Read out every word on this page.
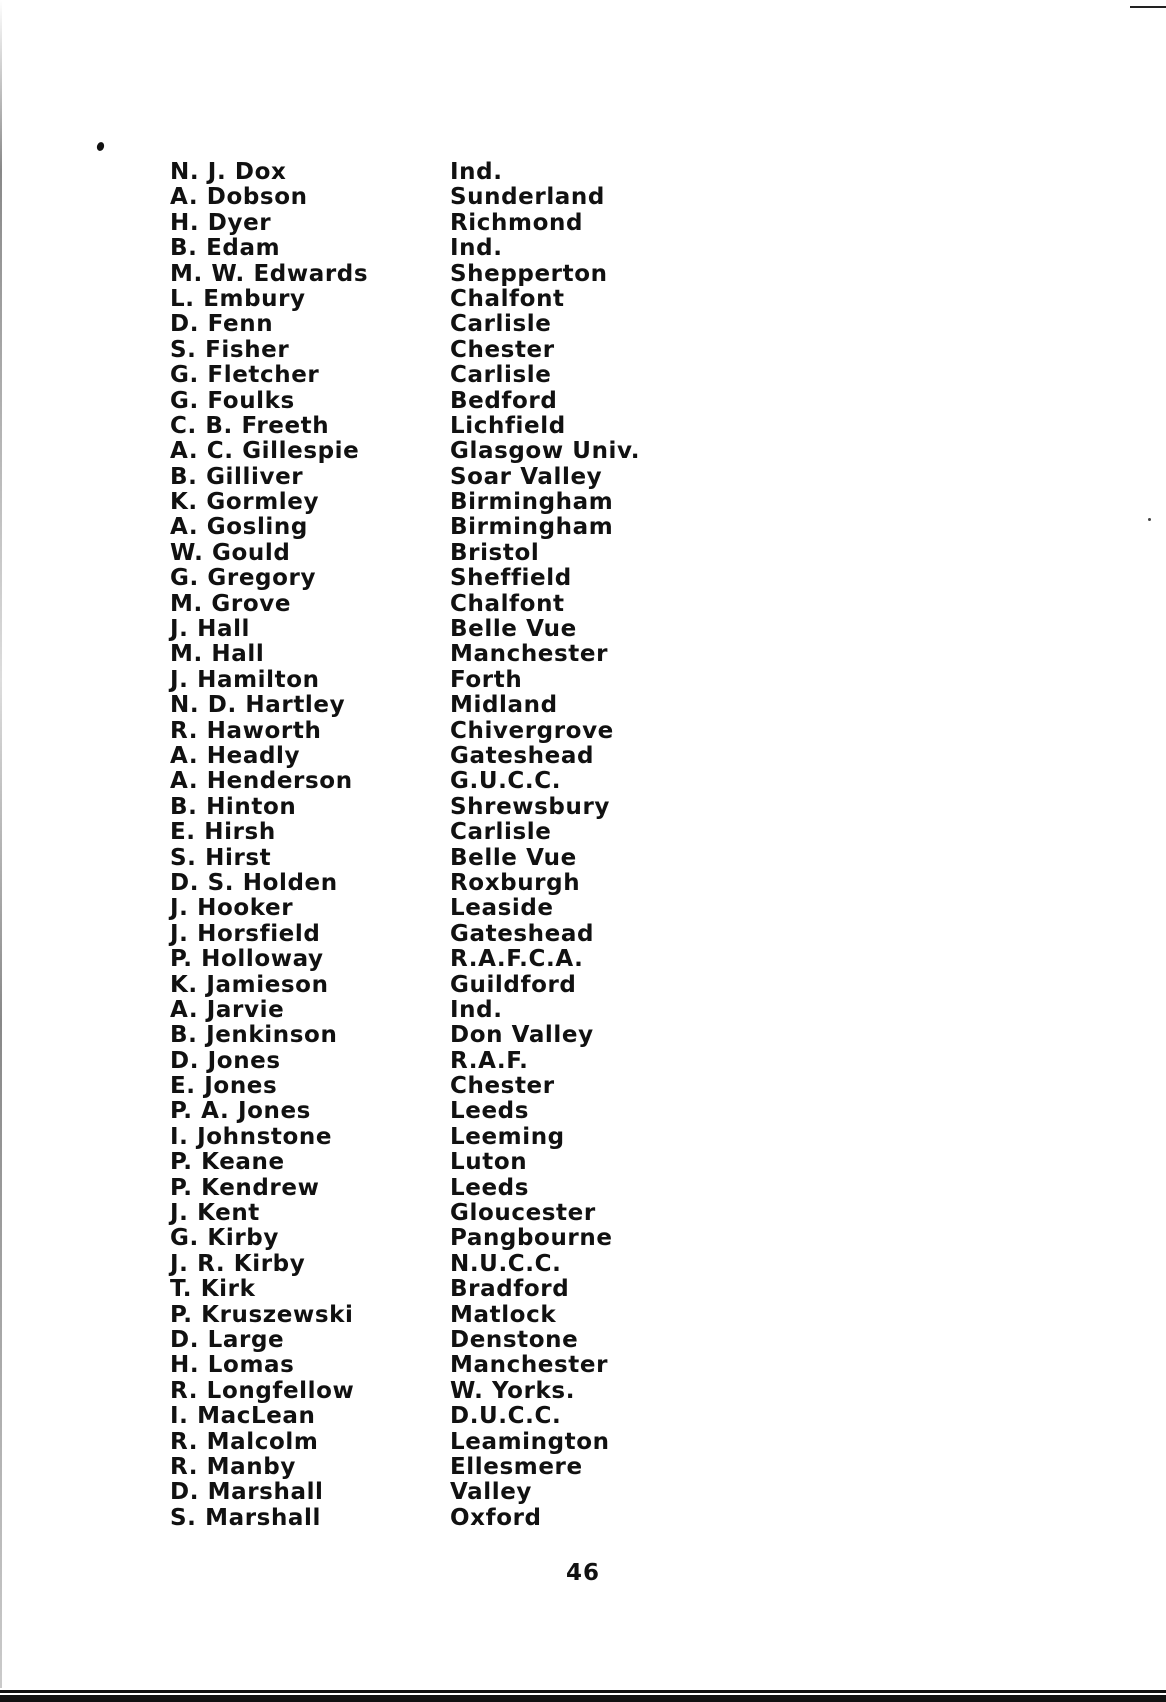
N. J. Dox	Ind.
A. Dobson	Sunderland
H. Dyer	Richmond
B. Edam	Ind.
M. W. Edwards	Shepperton
L. Embury	Chalfont
D. Fenn	Carlisle
S. Fisher	Chester
G. Fletcher	Carlisle
G. Foulks	Bedford
C. B. Freeth	Lichfield
A. C. Gillespie	Glasgow Univ.
B. Gilliver	Soar Valley
K. Gormley	Birmingham
A. Gosling	Birmingham
W. Gould	Bristol
G. Gregory	Sheffield
M. Grove	Chalfont
J. Hall	Belle Vue
M. Hall	Manchester
J. Hamilton	Forth
N. D. Hartley	Midland
R. Haworth	Chivergrove
A. Headly	Gateshead
A. Henderson	G.U.C.C.
B. Hinton	Shrewsbury
E. Hirsh	Carlisle
S. Hirst	Belle Vue
D. S. Holden	Roxburgh
J. Hooker	Leaside
J. Horsfield	Gateshead
P. Holloway	R.A.F.C.A.
K. Jamieson	Guildford
A. Jarvie	Ind.
B. Jenkinson	Don Valley
D. Jones	R.A.F.
E. Jones	Chester
P. A. Jones	Leeds
I. Johnstone	Leeming
P. Keane	Luton
P. Kendrew	Leeds
J. Kent	Gloucester
G. Kirby	Pangbourne
J. R. Kirby	N.U.C.C.
T. Kirk	Bradford
P. Kruszewski	Matlock
D. Large	Denstone
H. Lomas	Manchester
R. Longfellow	W. Yorks.
I. MacLean	D.U.C.C.
R. Malcolm	Leamington
R. Manby	Ellesmere
D. Marshall	Valley
S. Marshall	Oxford
46
